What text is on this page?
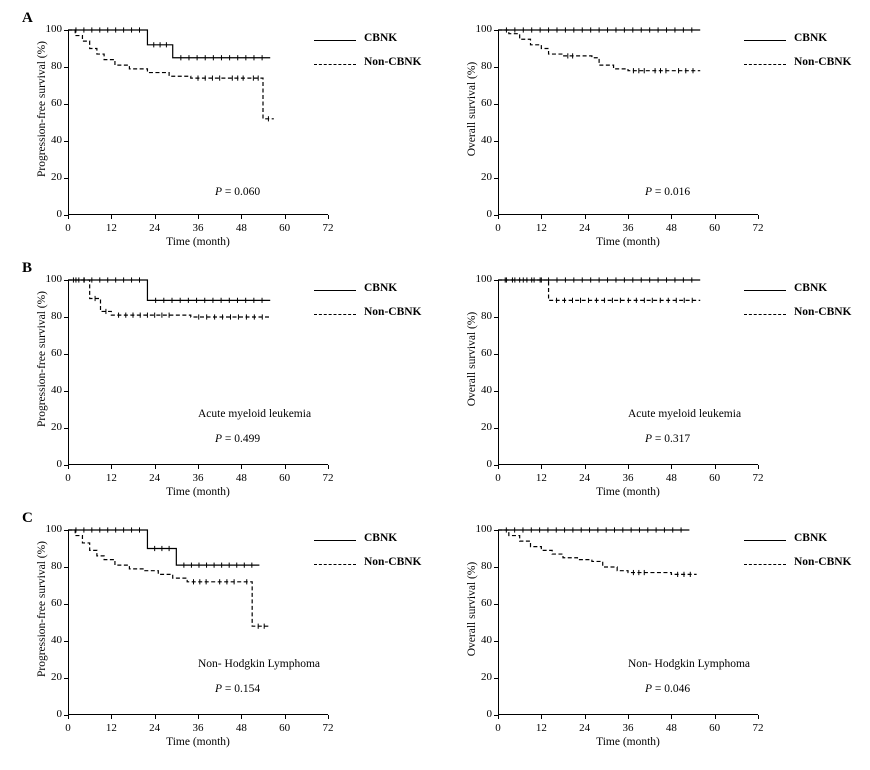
A
Progression-free survival (%)
0	12	24	36	48	60	72
0
20
40
60
80
100
Time (month)
P = 0.060
CBNK
Non-CBNK	Overall survival (%)
0	12	24	36	48	60	72
0
20
40
60
80
100
Time (month)
P = 0.016
CBNK
Non-CBNK
B
Progression-free survival (%)
0	12	24	36	48	60	72
0
20
40
60
80
100
Time (month)
Acute myeloid leukemia
P = 0.499
CBNK
Non-CBNK	Overall survival (%)
0	12	24	36	48	60	72
0
20
40
60
80
100
Time (month)
Acute myeloid leukemia
P = 0.317
CBNK
Non-CBNK
C
Progression-free survival (%)
0	12	24	36	48	60	72
0
20
40
60
80
100
Time (month)
Non- Hodgkin Lymphoma
P = 0.154
CBNK
Non-CBNK	Overall survival (%)
0	12	24	36	48	60	72
0
20
40
60
80
100
Time (month)
Non- Hodgkin Lymphoma
P = 0.046
CBNK
Non-CBNK
